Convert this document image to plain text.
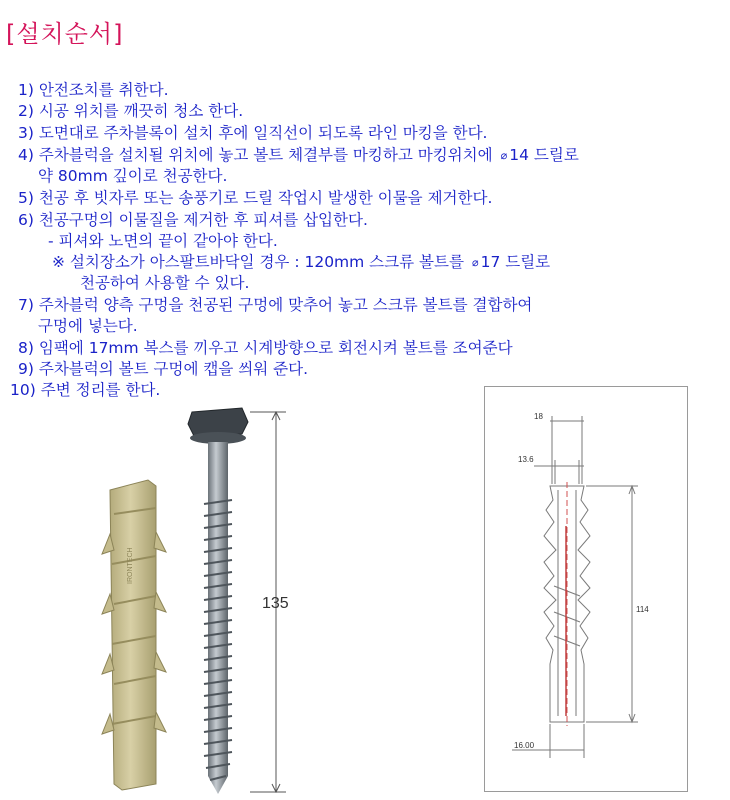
[설치순서]
1) 안전조치를 취한다.
2) 시공 위치를 깨끗히 청소 한다.
3) 도면대로 주차블록이 설치 후에 일직선이 되도록 라인 마킹을 한다.
4) 주차블럭을 설치될 위치에 놓고 볼트 체결부를 마킹하고 마킹위치에 ⌀ 14 드릴로
약 80mm 깊이로 천공한다.
5) 천공 후 빗자루 또는 송풍기로 드릴 작업시 발생한 이물을 제거한다.
6) 천공구멍의 이물질을 제거한 후 피셔를 삽입한다.
- 피셔와 노면의 끝이 같아야 한다.
※ 설치장소가 아스팔트바닥일 경우 : 120mm 스크류 볼트를 ⌀ 17 드릴로
천공하여 사용할 수 있다.
7) 주차블럭 양측 구멍을 천공된 구멍에 맞추어 놓고 스크류 볼트를 결합하여
구멍에 넣는다.
8) 임팩에 17mm 복스를 끼우고 시계방향으로 회전시켜 볼트를 조여준다
9) 주차블럭의 볼트 구멍에 캡을 씌워 준다.
10) 주변 정리를 한다.
IRONTECH
135
18
13.6
114
16.00
